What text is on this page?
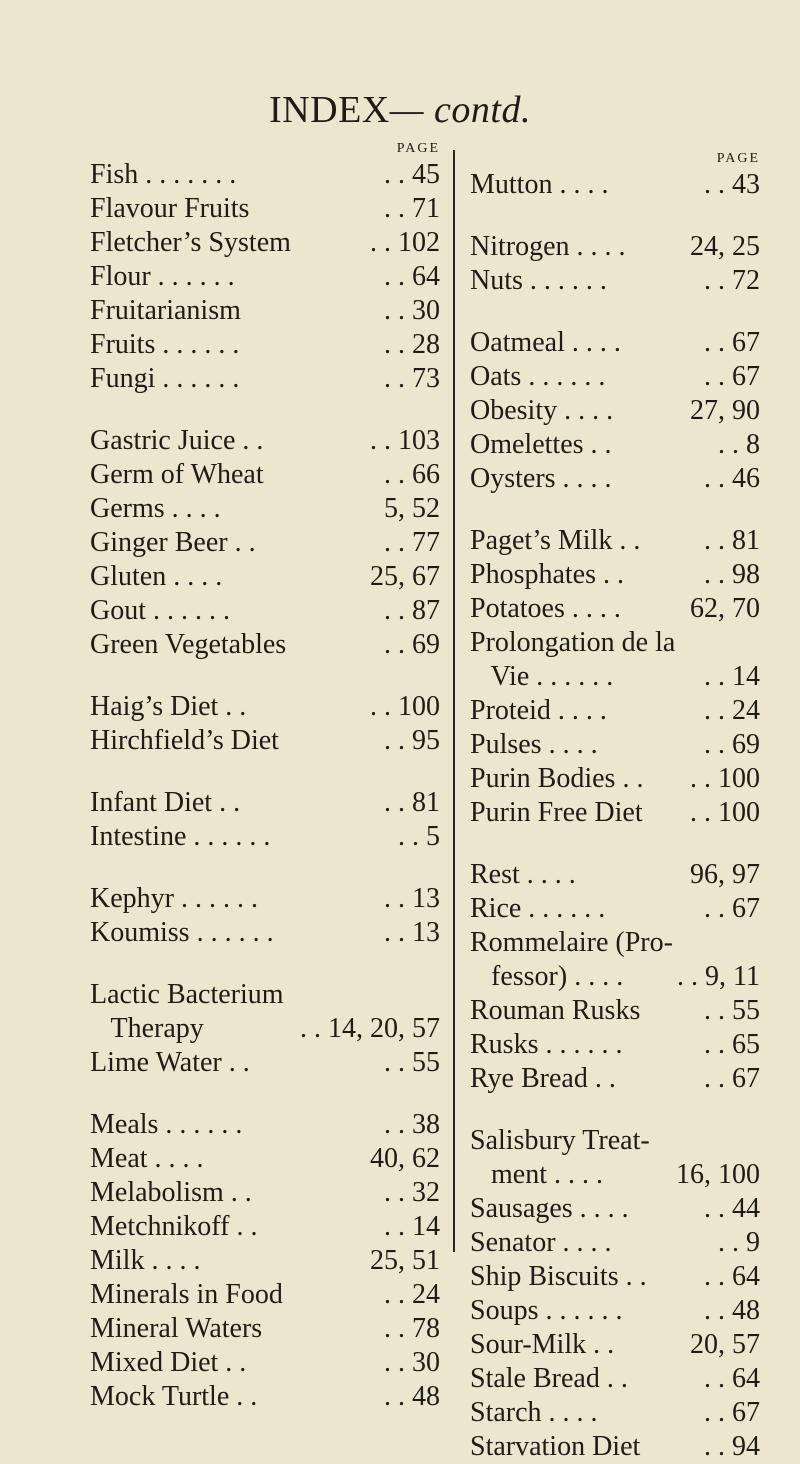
INDEX— contd.
PAGE
Fish . . . . . . .	. . 45
Flavour Fruits	. . 71
Fletcher’s System	. . 102
Flour . . . . . .	. . 64
Fruitarianism	. . 30
Fruits . . . . . .	. . 28
Fungi . . . . . .	. . 73
Gastric Juice . .	. . 103
Germ of Wheat	. . 66
Germs . . . .	5, 52
Ginger Beer . .	. . 77
Gluten . . . .	25, 67
Gout . . . . . .	. . 87
Green Vegetables	. . 69
Haig’s Diet . .	. . 100
Hirchfield’s Diet	. . 95
Infant Diet . .	. . 81
Intestine . . . . . .	. . 5
Kephyr . . . . . .	. . 13
Koumiss . . . . . .	. . 13
Lactic Bacterium
Therapy	. . 14, 20, 57
Lime Water . .	. . 55
Meals . . . . . .	. . 38
Meat . . . .	40, 62
Melabolism . .	. . 32
Metchnikoff . .	. . 14
Milk . . . .	25, 51
Minerals in Food	. . 24
Mineral Waters	. . 78
Mixed Diet . .	. . 30
Mock Turtle . .	. . 48
PAGE
Mutton . . . .	. . 43
Nitrogen . . . . 24, 25
Nuts . . . . . .	. . 72
Oatmeal . . . .	. . 67
Oats . . . . . .	. . 67
Obesity . . . .	27, 90
Omelettes . .	. . 8
Oysters . . . .	. . 46
Paget’s Milk . . . . 81
Phosphates . .	. . 98
Potatoes . . . . 62, 70
Prolongation de la
Vie . . . . . .	. . 14
Proteid . . . .	. . 24
Pulses . . . .	. . 69
Purin Bodies . . . . 100
Purin Free Diet . . 100
Rest . . . .	96, 97
Rice . . . . . .	. . 67
Rommelaire (Pro-
fessor) . . . . . . 9, 11
Rouman Rusks . . 55
Rusks . . . . . .	. . 65
Rye Bread . .	. . 67
Salisbury Treat-
ment . . . .	16, 100
Sausages . . . .	. . 44
Senator . . . .	. . 9
Ship Biscuits . . . . 64
Soups . . . . . .	. . 48
Sour-Milk . .	20, 57
Stale Bread . .	. . 64
Starch . . . .	. . 67
Starvation Diet . . 94
